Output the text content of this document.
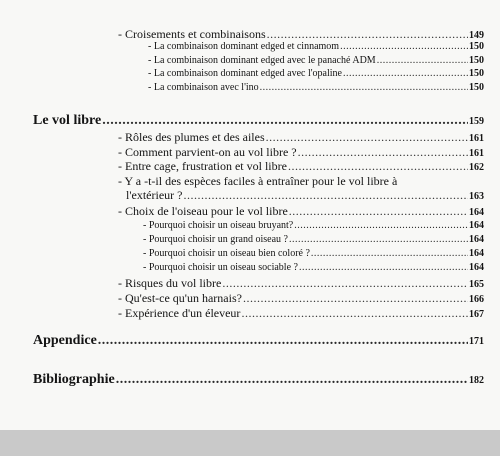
- Croisements et combinaisons .....	149
- La combinaison dominant edged et cinnamom .....	150
- La combinaison dominant edged avec le panaché ADM .....	150
- La combinaison dominant edged avec l'opaline .....	150
- La combinaison avec l'ino .....	150
Le vol libre .....	159
- Rôles des plumes et des ailes .....	161
- Comment parvient-on au vol libre ? .....	161
- Entre cage, frustration et vol libre .....	162
- Y a -t-il des espèces faciles à entraîner pour le vol libre à
l'extérieur ? .....	163
- Choix de l'oiseau pour le vol libre .....	164
- Pourquoi choisir un oiseau bruyant? .....	164
- Pourquoi choisir un grand oiseau ? .....	164
- Pourquoi choisir un oiseau bien coloré ? .....	164
- Pourquoi choisir un oiseau sociable ? .....	164
- Risques du vol libre .....	165
- Qu'est-ce qu'un harnais? .....	166
- Expérience d'un éleveur .....	167
Appendice .....	171
Bibliographie .....	182
